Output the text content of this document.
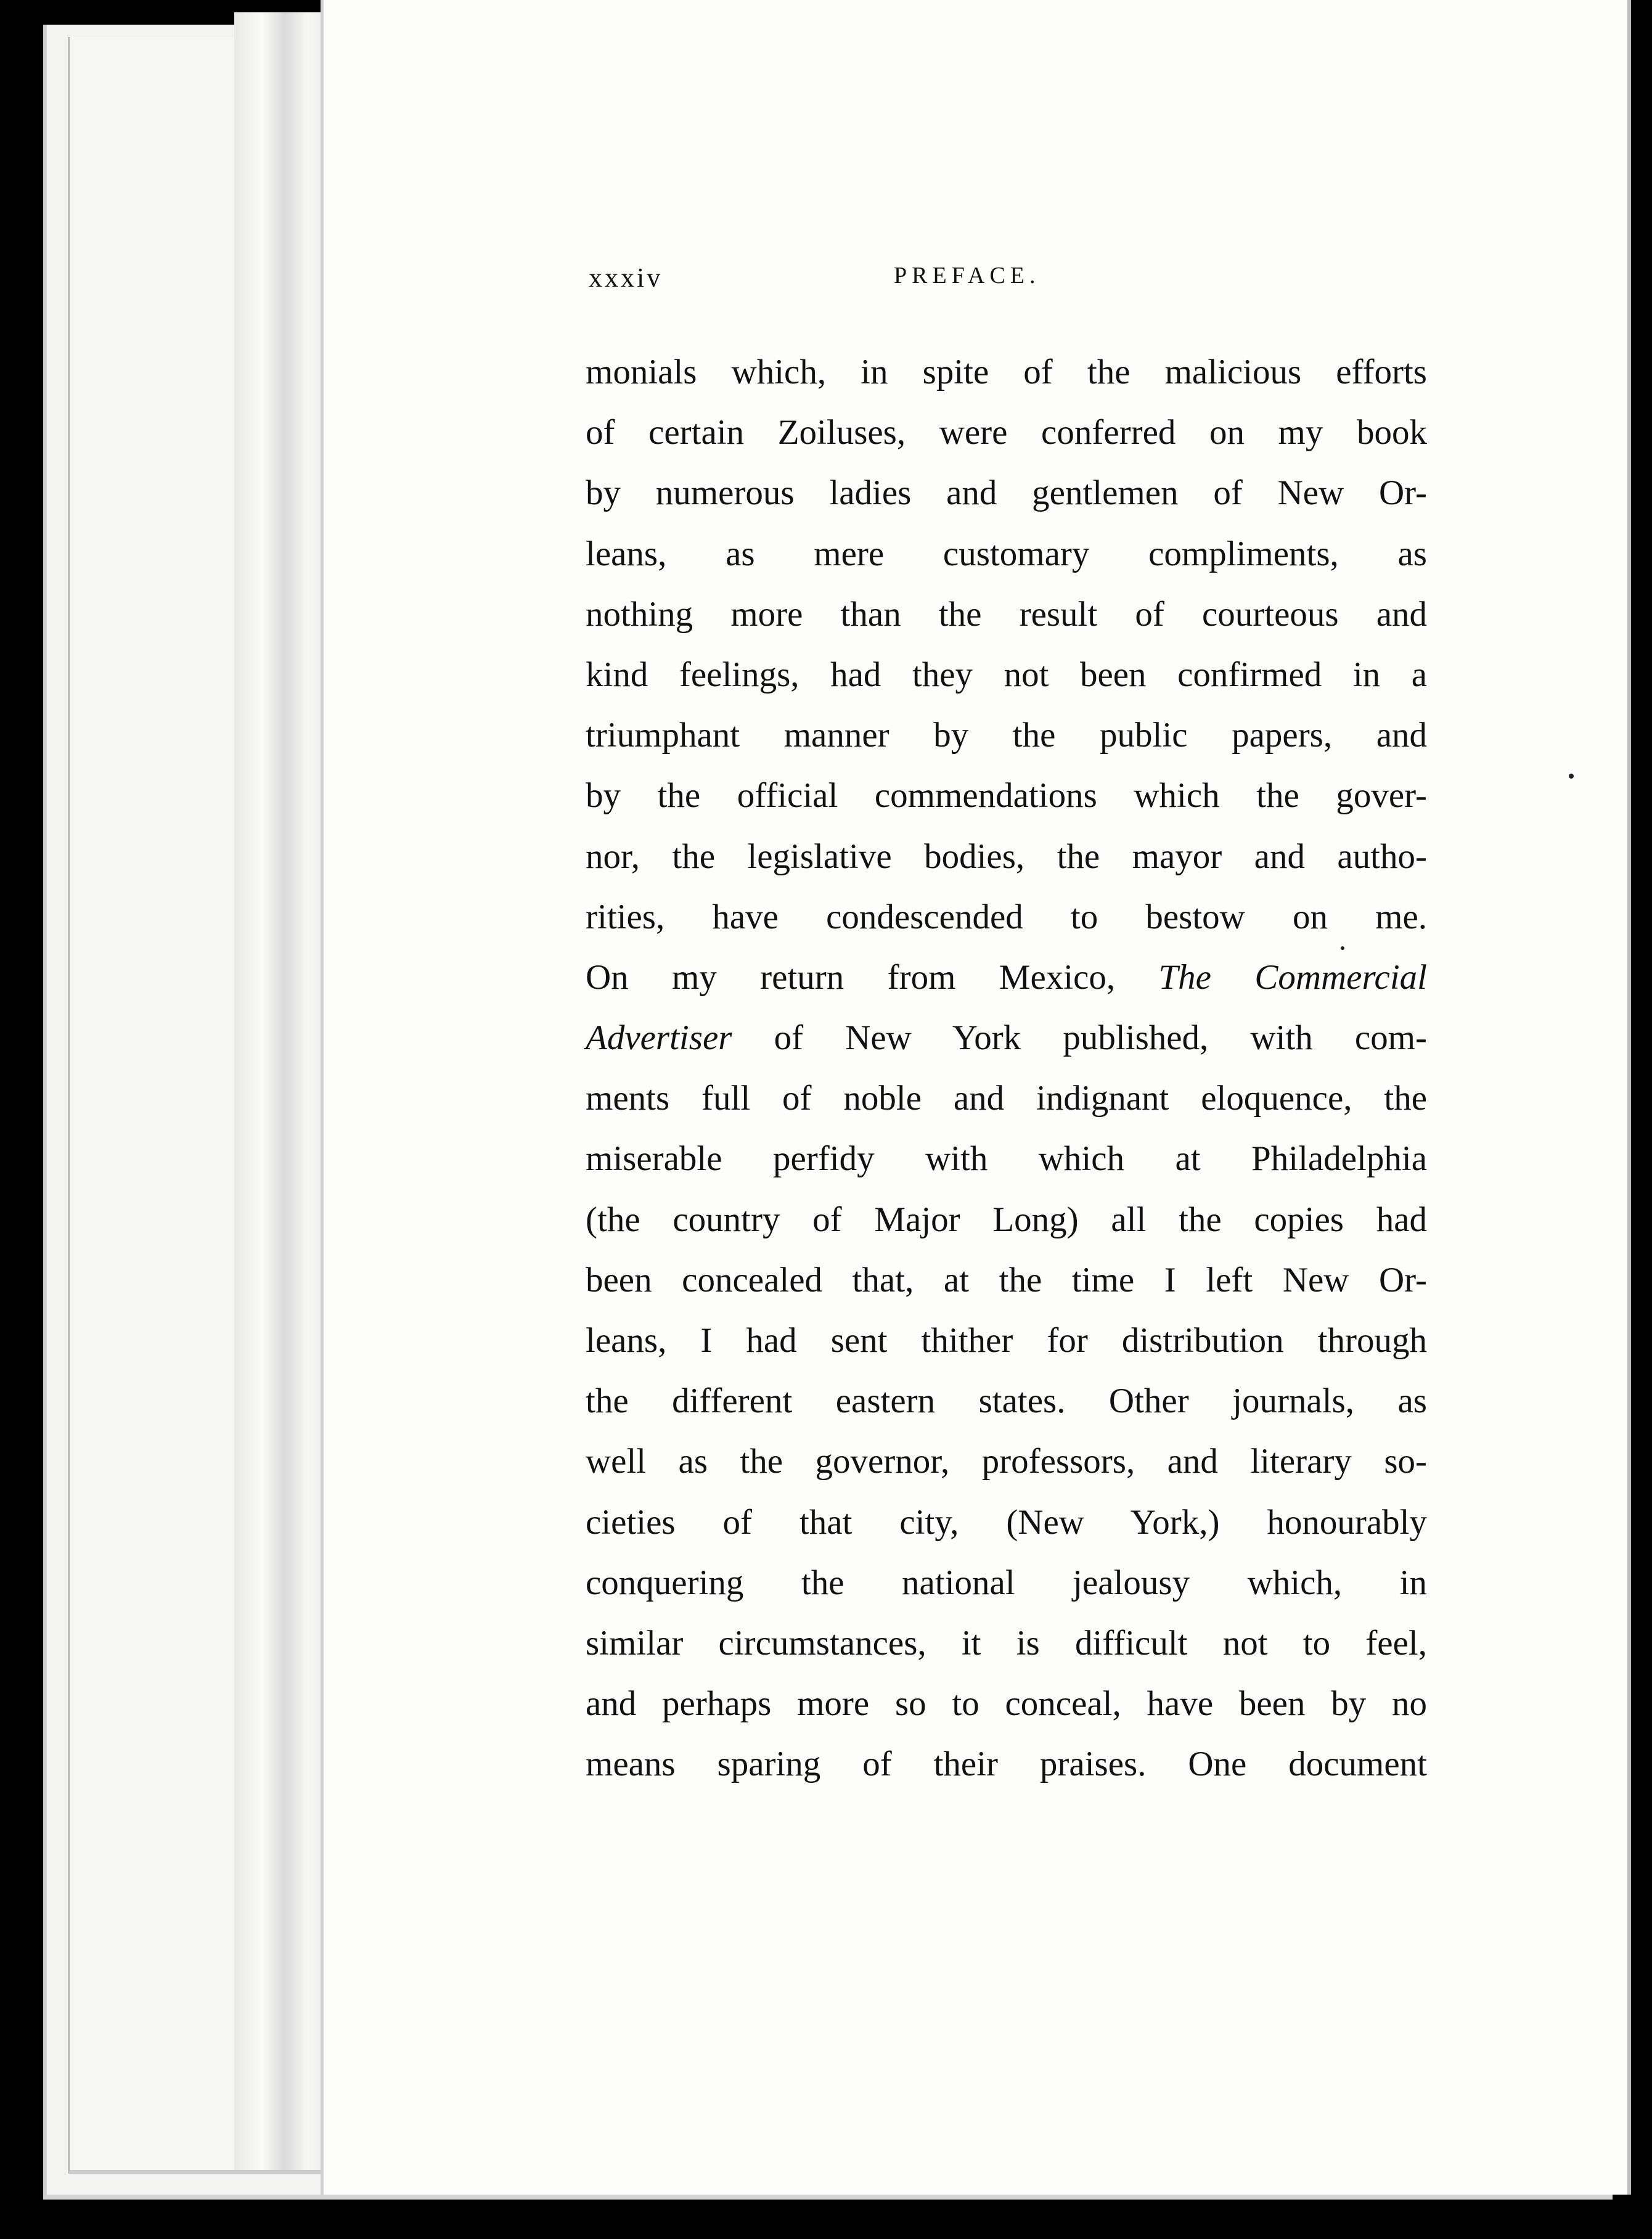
xxxiv	PREFACE.
monials which, in spite of the malicious efforts
of certain Zoiluses, were conferred on my book
by numerous ladies and gentlemen of New Or-
leans, as mere customary compliments, as
nothing more than the result of courteous and
kind feelings, had they not been confirmed in a
triumphant manner by the public papers, and
by the official commendations which the gover-
nor, the legislative bodies, the mayor and autho-
rities, have condescended to bestow on me.
On my return from Mexico, The Commercial
Advertiser of New York published, with com-
ments full of noble and indignant eloquence, the
miserable perfidy with which at Philadelphia
(the country of Major Long) all the copies had
been concealed that, at the time I left New Or-
leans, I had sent thither for distribution through
the different eastern states. Other journals, as
well as the governor, professors, and literary so-
cieties of that city, (New York,) honourably
conquering the national jealousy which, in
similar circumstances, it is difficult not to feel,
and perhaps more so to conceal, have been by no
means sparing of their praises. One document
